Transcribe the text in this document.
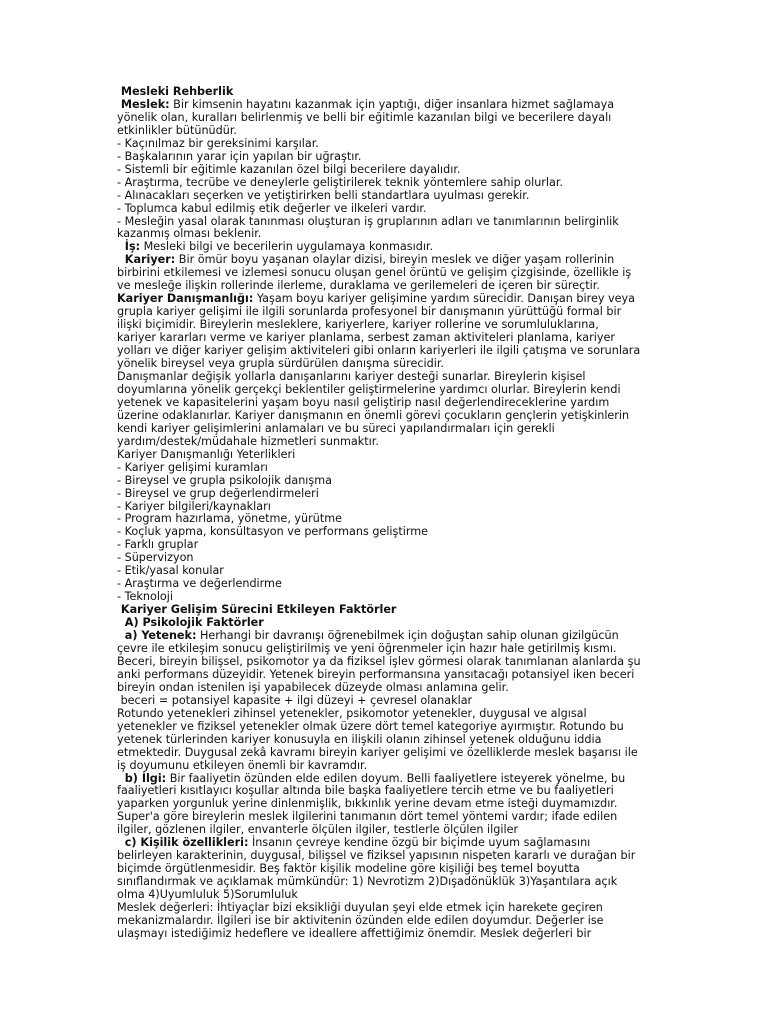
Mesleki Rehberlik

Meslek: Bir kimsenin hayatını kazanmak için yaptığı, diğer insanlara hizmet sağlamaya yönelik olan, kuralları belirlenmiş ve belli bir eğitimle kazanılan bilgi ve becerilere dayalı etkinlikler bütünüdür.

- Kaçınılmaz bir gereksinimi karşılar.

- Başkalarının yarar için yapılan bir uğraştır.

- Sistemli bir eğitimle kazanılan özel bilgi becerilere dayalıdır.

- Araştırma, tecrübe ve deneylerle geliştirilerek teknik yöntemlere sahip olurlar.

- Alınacakları seçerken ve yetiştirirken belli standartlara uyulması gerekir.

- Toplumca kabul edilmiş etik değerler ve ilkeleri vardır.

- Mesleğin yasal olarak tanınması oluşturan iş gruplarının adları ve tanımlarının belirginlik kazanmış olması beklenir.

İş: Mesleki bilgi ve becerilerin uygulamaya konmasıdır.

Kariyer: Bir ömür boyu yaşanan olaylar dizisi, bireyin meslek ve diğer yaşam rollerinin birbirini etkilemesi ve izlemesi sonucu oluşan genel örüntü ve gelişim çizgisinde, özellikle iş ve mesleğe ilişkin rollerinde ilerleme, duraklama ve gerilemeleri de içeren bir süreçtir.

Kariyer Danışmanlığı: Yaşam boyu kariyer gelişimine yardım sürecidir. Danışan birey veya grupla kariyer gelişimi ile ilgili sorunlarda profesyonel bir danışmanın yürüttüğü formal bir ilişki biçimidir. Bireylerin mesleklere, kariyerlere, kariyer rollerine ve sorumluluklarına, kariyer kararları verme ve kariyer planlama, serbest zaman aktiviteleri planlama, kariyer yolları ve diğer kariyer gelişim aktiviteleri gibi onların kariyerleri ile ilgili çatışma ve sorunlara yönelik bireysel veya grupla sürdürülen danışma sürecidir.

Danışmanlar değişik yollarla danışanlarını kariyer desteği sunarlar. Bireylerin kişisel doyumlarına yönelik gerçekçi beklentiler geliştirmelerine yardımcı olurlar. Bireylerin kendi yetenek ve kapasitelerini yaşam boyu nasıl geliştirip nasıl değerlendireceklerine yardım üzerine odaklanırlar. Kariyer danışmanın en önemli görevi çocukların gençlerin yetişkinlerin kendi kariyer gelişimlerini anlamaları ve bu süreci yapılandırmaları için gerekli yardım/destek/müdahale hizmetleri sunmaktır.

Kariyer Danışmanlığı Yeterlikleri

- Kariyer gelişimi kuramları

- Bireysel ve grupla psikolojik danışma

- Bireysel ve grup değerlendirmeleri

- Kariyer bilgileri/kaynakları

- Program hazırlama, yönetme, yürütme

- Koçluk yapma, konsültasyon ve performans geliştirme

- Farklı gruplar

- Süpervizyon

- Etik/yasal konular

- Araştırma ve değerlendirme

- Teknoloji

Kariyer Gelişim Sürecini Etkileyen Faktörler

A) Psikolojik Faktörler

a) Yetenek: Herhangi bir davranışı öğrenebilmek için doğuştan sahip olunan gizilgücün çevre ile etkileşim sonucu geliştirilmiş ve yeni öğrenmeler için hazır hale getirilmiş kısmı.

Beceri, bireyin bilişsel, psikomotor ya da fiziksel işlev görmesi olarak tanımlanan alanlarda şu anki performans düzeyidir. Yetenek bireyin performansına yansıtacağı potansiyel iken beceri bireyin ondan istenilen işi yapabilecek düzeyde olması anlamına gelir.

beceri = potansiyel kapasite + ilgi düzeyi + çevresel olanaklar

Rotundo yetenekleri zihinsel yetenekler, psikomotor yetenekler, duygusal ve algısal yetenekler ve fiziksel yetenekler olmak üzere dört temel kategoriye ayırmıştır. Rotundo bu yetenek türlerinden kariyer konusuyla en ilişkili olanın zihinsel yetenek olduğunu iddia etmektedir. Duygusal zekâ kavramı bireyin kariyer gelişimi ve özelliklerde meslek başarısı ile iş doyumunu etkileyen önemli bir kavramdır.

b) İlgi: Bir faaliyetin özünden elde edilen doyum. Belli faaliyetlere isteyerek yönelme, bu faaliyetleri kısıtlayıcı koşullar altında bile başka faaliyetlere tercih etme ve bu faaliyetleri yaparken yorgunluk yerine dinlenmişlik, bıkkınlık yerine devam etme isteği duymamızdır.

Super'a göre bireylerin meslek ilgilerini tanımanın dört temel yöntemi vardır; ifade edilen ilgiler, gözlenen ilgiler, envanterle ölçülen ilgiler, testlerle ölçülen ilgiler

c) Kişilik özellikleri: İnsanın çevreye kendine özgü bir biçimde uyum sağlamasını belirleyen karakterinin, duygusal, bilişsel ve fiziksel yapısının nispeten kararlı ve durağan bir biçimde örgütlenmesidir. Beş faktör kişilik modeline göre kişiliği beş temel boyutta sınıflandırmak ve açıklamak mümkündür: 1) Nevrotizm 2)Dışadönüklük 3)Yaşantılara açık olma 4)Uyumluluk 5)Sorumluluk

Meslek değerleri: İhtiyaçlar bizi eksikliği duyulan şeyi elde etmek için harekete geçiren mekanizmalardır. İlgileri ise bir aktivitenin özünden elde edilen doyumdur. Değerler ise ulaşmayı istediğimiz hedeflere ve ideallere affettiğimiz önemdir. Meslek değerleri bir
